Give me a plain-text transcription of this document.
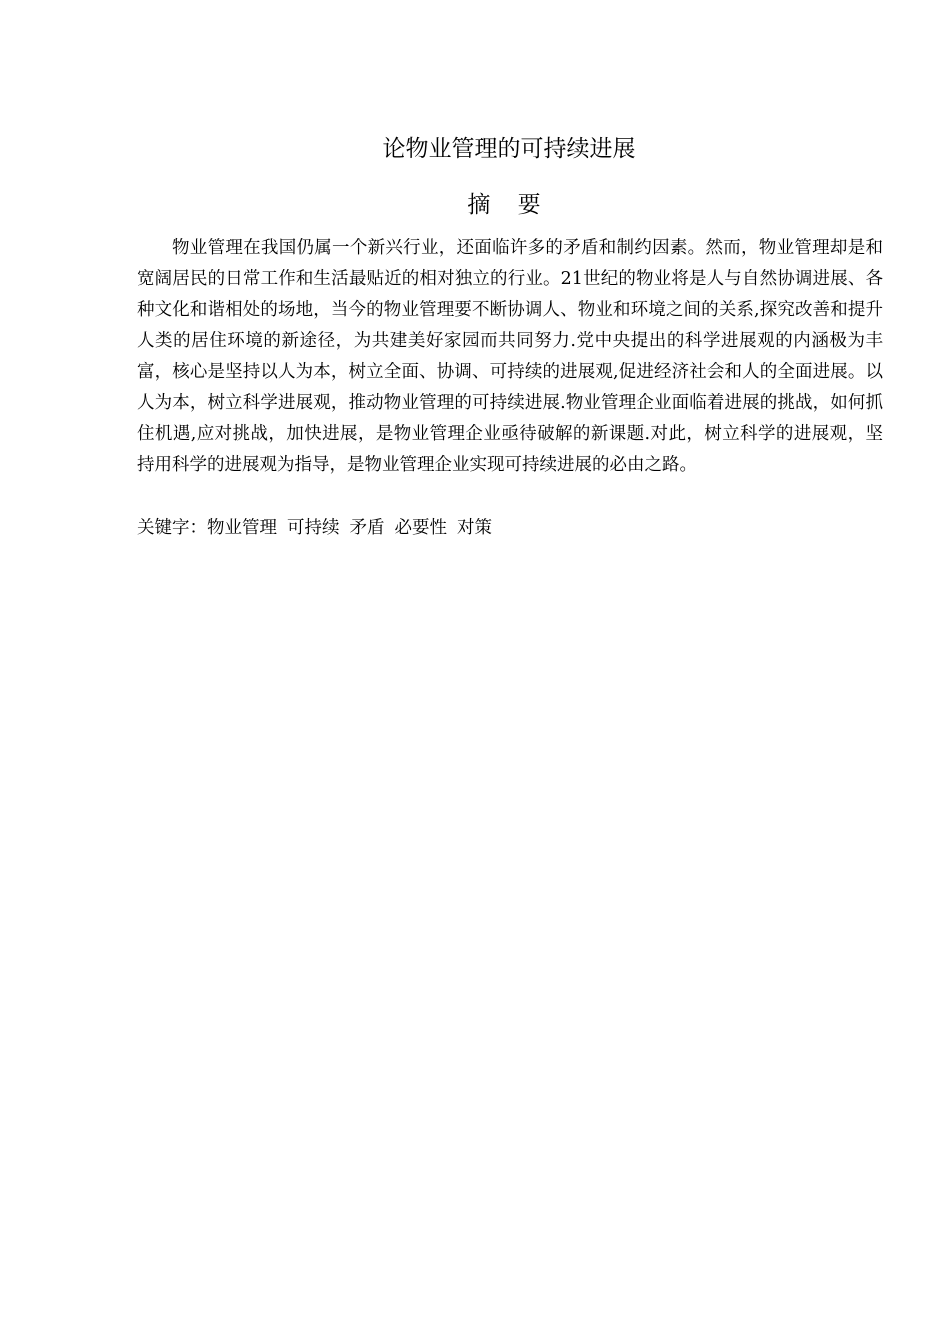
论物业管理的可持续进展
摘 要

物业管理在我国仍属一个新兴行业，还面临许多的矛盾和制约因素。然而，物业管理却是和宽阔居民的日常工作和生活最贴近的相对独立的行业。21世纪的物业将是人与自然协调进展、各种文化和谐相处的场地，当今的物业管理要不断协调人、物业和环境之间的关系,探究改善和提升人类的居住环境的新途径，为共建美好家园而共同努力.党中央提出的科学进展观的内涵极为丰富，核心是坚持以人为本，树立全面、协调、可持续的进展观,促进经济社会和人的全面进展。以人为本，树立科学进展观，推动物业管理的可持续进展.物业管理企业面临着进展的挑战，如何抓住机遇,应对挑战，加快进展，是物业管理企业亟待破解的新课题.对此，树立科学的进展观，坚持用科学的进展观为指导，是物业管理企业实现可持续进展的必由之路。

关键字：物业管理 可持续 矛盾 必要性 对策
